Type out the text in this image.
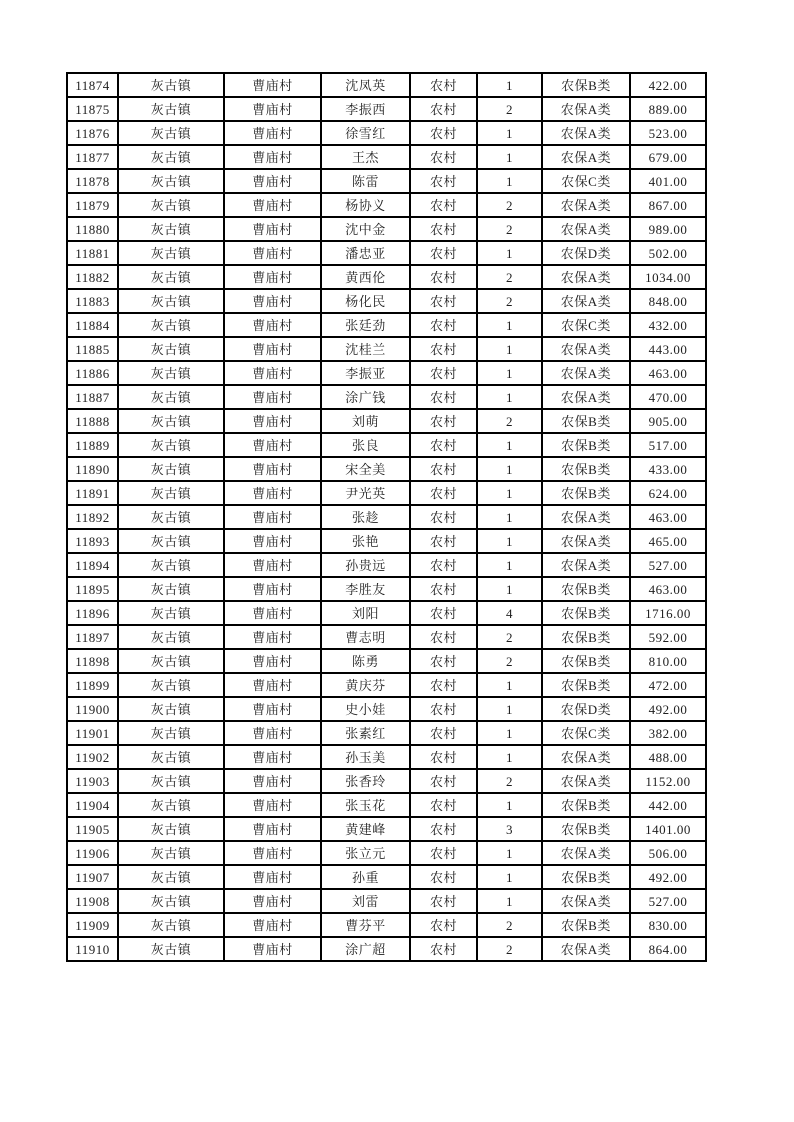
11874	灰古镇	曹庙村	沈凤英	农村	1	农保B类	422.00
11875	灰古镇	曹庙村	李振西	农村	2	农保A类	889.00
11876	灰古镇	曹庙村	徐雪红	农村	1	农保A类	523.00
11877	灰古镇	曹庙村	王杰	农村	1	农保A类	679.00
11878	灰古镇	曹庙村	陈雷	农村	1	农保C类	401.00
11879	灰古镇	曹庙村	杨协义	农村	2	农保A类	867.00
11880	灰古镇	曹庙村	沈中金	农村	2	农保A类	989.00
11881	灰古镇	曹庙村	潘忠亚	农村	1	农保D类	502.00
11882	灰古镇	曹庙村	黄西伦	农村	2	农保A类	1034.00
11883	灰古镇	曹庙村	杨化民	农村	2	农保A类	848.00
11884	灰古镇	曹庙村	张廷劲	农村	1	农保C类	432.00
11885	灰古镇	曹庙村	沈桂兰	农村	1	农保A类	443.00
11886	灰古镇	曹庙村	李振亚	农村	1	农保A类	463.00
11887	灰古镇	曹庙村	涂广钱	农村	1	农保A类	470.00
11888	灰古镇	曹庙村	刘萌	农村	2	农保B类	905.00
11889	灰古镇	曹庙村	张良	农村	1	农保B类	517.00
11890	灰古镇	曹庙村	宋全美	农村	1	农保B类	433.00
11891	灰古镇	曹庙村	尹光英	农村	1	农保B类	624.00
11892	灰古镇	曹庙村	张趁	农村	1	农保A类	463.00
11893	灰古镇	曹庙村	张艳	农村	1	农保A类	465.00
11894	灰古镇	曹庙村	孙贵远	农村	1	农保A类	527.00
11895	灰古镇	曹庙村	李胜友	农村	1	农保B类	463.00
11896	灰古镇	曹庙村	刘阳	农村	4	农保B类	1716.00
11897	灰古镇	曹庙村	曹志明	农村	2	农保B类	592.00
11898	灰古镇	曹庙村	陈勇	农村	2	农保B类	810.00
11899	灰古镇	曹庙村	黄庆芬	农村	1	农保B类	472.00
11900	灰古镇	曹庙村	史小娃	农村	1	农保D类	492.00
11901	灰古镇	曹庙村	张素红	农村	1	农保C类	382.00
11902	灰古镇	曹庙村	孙玉美	农村	1	农保A类	488.00
11903	灰古镇	曹庙村	张香玲	农村	2	农保A类	1152.00
11904	灰古镇	曹庙村	张玉花	农村	1	农保B类	442.00
11905	灰古镇	曹庙村	黄建峰	农村	3	农保B类	1401.00
11906	灰古镇	曹庙村	张立元	农村	1	农保A类	506.00
11907	灰古镇	曹庙村	孙重	农村	1	农保B类	492.00
11908	灰古镇	曹庙村	刘雷	农村	1	农保A类	527.00
11909	灰古镇	曹庙村	曹芬平	农村	2	农保B类	830.00
11910	灰古镇	曹庙村	涂广超	农村	2	农保A类	864.00
